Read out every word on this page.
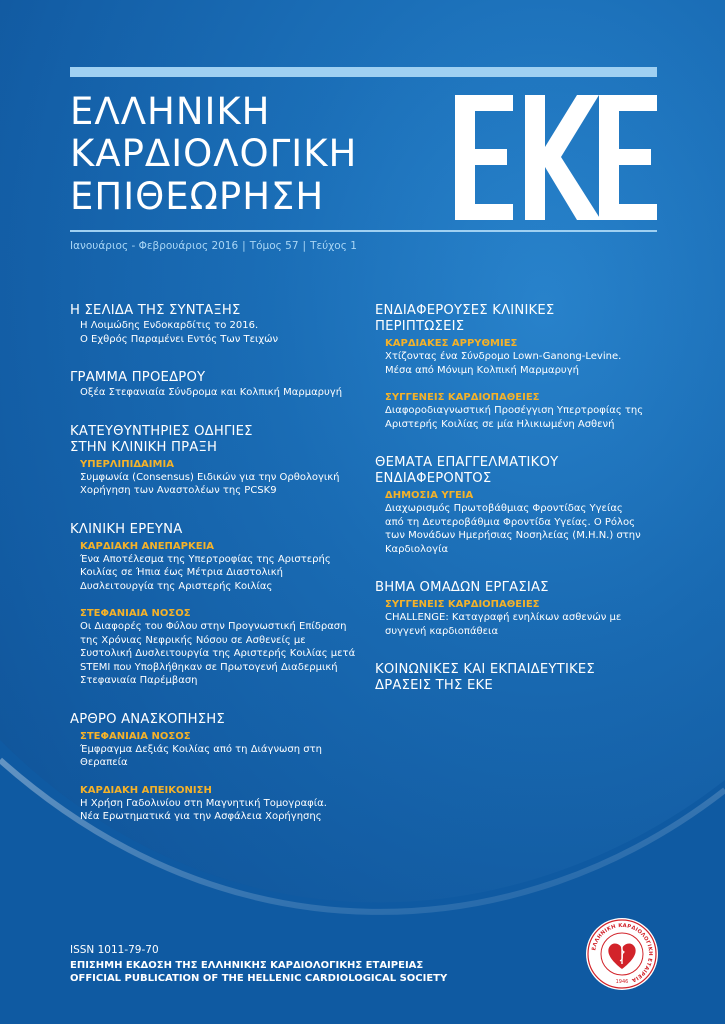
ΕΛΛΗΝΙΚΗ
ΚΑΡΔΙΟΛΟΓΙΚΗ
ΕΠΙΘΕΩΡΗΣΗ
Ιανουάριος - Φεβρουάριος 2016 | Τόμος 57 | Τεύχος 1
Η ΣΕΛΙΔΑ ΤΗΣ ΣΥΝΤΑΞΗΣ
Η Λοιμώδης Ενδοκαρδίτις το 2016.
Ο Εχθρός Παραμένει Εντός Των Τειχών
ΓΡΑΜΜΑ ΠΡΟΕΔΡΟΥ
Οξέα Στεφανιαία Σύνδρομα και Κολπική Μαρμαρυγή
ΚΑΤΕΥΘΥΝΤΗΡΙΕΣ ΟΔΗΓΙΕΣ
ΣΤΗΝ ΚΛΙΝΙΚΗ ΠΡΑΞΗ
ΥΠΕΡΛΙΠΙΔΑΙΜΙΑ
Συμφωνία (Consensus) Ειδικών για την Ορθολογική
Χορήγηση των Αναστολέων της PCSK9
ΚΛΙΝΙΚΗ ΕΡΕΥΝΑ
ΚΑΡΔΙΑΚΗ ΑΝΕΠΑΡΚΕΙΑ
Ένα Αποτέλεσμα της Υπερτροφίας της Αριστερής
Κοιλίας σε Ήπια έως Μέτρια Διαστολική
Δυσλειτουργία της Αριστερής Κοιλίας
ΣΤΕΦΑΝΙΑΙΑ ΝΟΣΟΣ
Οι Διαφορές του Φύλου στην Προγνωστική Επίδραση
της Χρόνιας Νεφρικής Νόσου σε Ασθενείς με
Συστολική Δυσλειτουργία της Αριστερής Κοιλίας μετά
STEMI που Υποβλήθηκαν σε Πρωτογενή Διαδερμική
Στεφανιαία Παρέμβαση
ΑΡΘΡΟ ΑΝΑΣΚΟΠΗΣΗΣ
ΣΤΕΦΑΝΙΑΙΑ ΝΟΣΟΣ
Έμφραγμα Δεξιάς Κοιλίας από τη Διάγνωση στη
Θεραπεία
ΚΑΡΔΙΑΚΗ ΑΠΕΙΚΟΝΙΣΗ
Η Χρήση Γαδολινίου στη Μαγνητική Τομογραφία.
Νέα Ερωτηματικά για την Ασφάλεια Χορήγησης
ΕΝΔΙΑΦΕΡΟΥΣΕΣ ΚΛΙΝΙΚΕΣ
ΠΕΡΙΠΤΩΣΕΙΣ
ΚΑΡΔΙΑΚΕΣ ΑΡΡΥΘΜΙΕΣ
Χτίζοντας ένα Σύνδρομο Lown-Ganong-Levine.
Μέσα από Μόνιμη Κολπική Μαρμαρυγή
ΣΥΓΓΕΝΕΙΣ ΚΑΡΔΙΟΠΑΘΕΙΕΣ
Διαφοροδιαγνωστική Προσέγγιση Υπερτροφίας της
Αριστερής Κοιλίας σε μία Ηλικιωμένη Ασθενή
ΘΕΜΑΤΑ ΕΠΑΓΓΕΛΜΑΤΙΚΟΥ
ΕΝΔΙΑΦΕΡΟΝΤΟΣ
ΔΗΜΟΣΙΑ ΥΓΕΙΑ
Διαχωρισμός Πρωτοβάθμιας Φροντίδας Υγείας
από τη Δευτεροβάθμια Φροντίδα Υγείας. Ο Ρόλος
των Μονάδων Ημερήσιας Νοσηλείας (Μ.Η.Ν.) στην
Καρδιολογία
ΒΗΜΑ ΟΜΑΔΩΝ ΕΡΓΑΣΙΑΣ
ΣΥΓΓΕΝΕΙΣ ΚΑΡΔΙΟΠΑΘΕΙΕΣ
CHALLENGE: Καταγραφή ενηλίκων ασθενών με
συγγενή καρδιοπάθεια
ΚΟΙΝΩΝΙΚΕΣ ΚΑΙ ΕΚΠΑΙΔΕΥΤΙΚΕΣ
ΔΡΑΣΕΙΣ ΤΗΣ ΕΚΕ
ISSN 1011-79-70
ΕΠΙΣΗΜΗ ΕΚΔΟΣΗ ΤΗΣ ΕΛΛΗΝΙΚΗΣ ΚΑΡΔΙΟΛΟΓΙΚΗΣ ΕΤΑΙΡΕΙΑΣ
OFFICIAL PUBLICATION OF THE HELLENIC CARDIOLOGICAL SOCIETY
ΕΛΛΗΝΙΚΗ ΚΑΡΔΙΟΛΟΓΙΚΗ ΕΤΑΙΡΕΙΑ
1946
